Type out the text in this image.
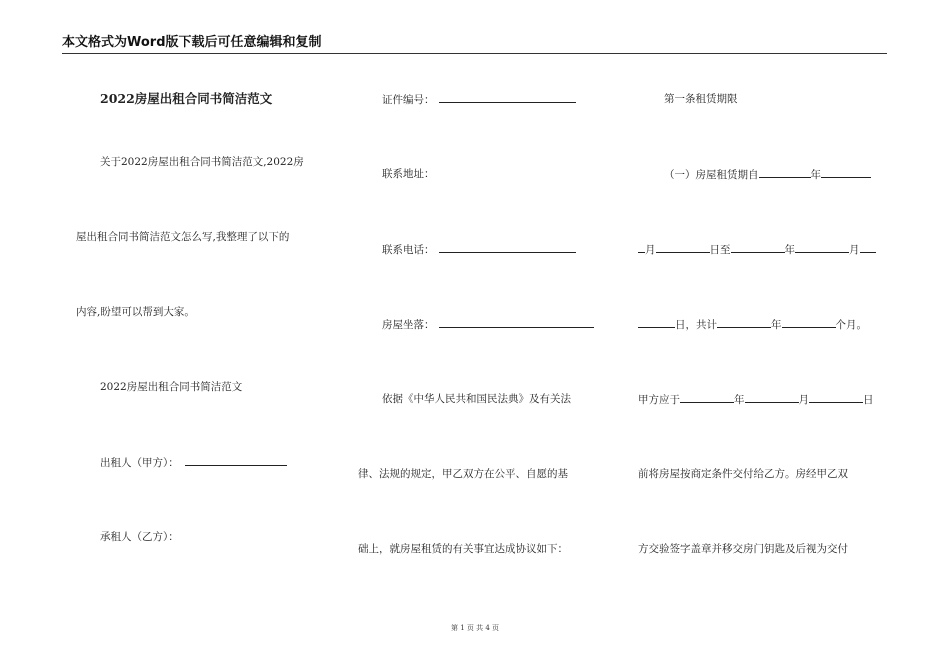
本文格式为Word版下载后可任意编辑和复制
2022房屋出租合同书简洁范文
关于2022房屋出租合同书简洁范文,2022房
屋出租合同书简洁范文怎么写,我整理了以下的
内容,盼望可以帮到大家。
2022房屋出租合同书简洁范文
出租人（甲方）：
承租人（乙方）：
证件编号：
联系地址：
联系电话：
房屋坐落：
依据《中华人民共和国民法典》及有关法
律、法规的规定，甲乙双方在公平、自愿的基
础上，就房屋租赁的有关事宜达成协议如下：
第一条租赁期限
（一）房屋租赁期自	年
月	日至	年	月
日，共计	年	个月。
甲方应于	年	月	日
前将房屋按商定条件交付给乙方。房经甲乙双
方交验签字盖章并移交房门钥匙及后视为交付
第 1 页 共 4 页
